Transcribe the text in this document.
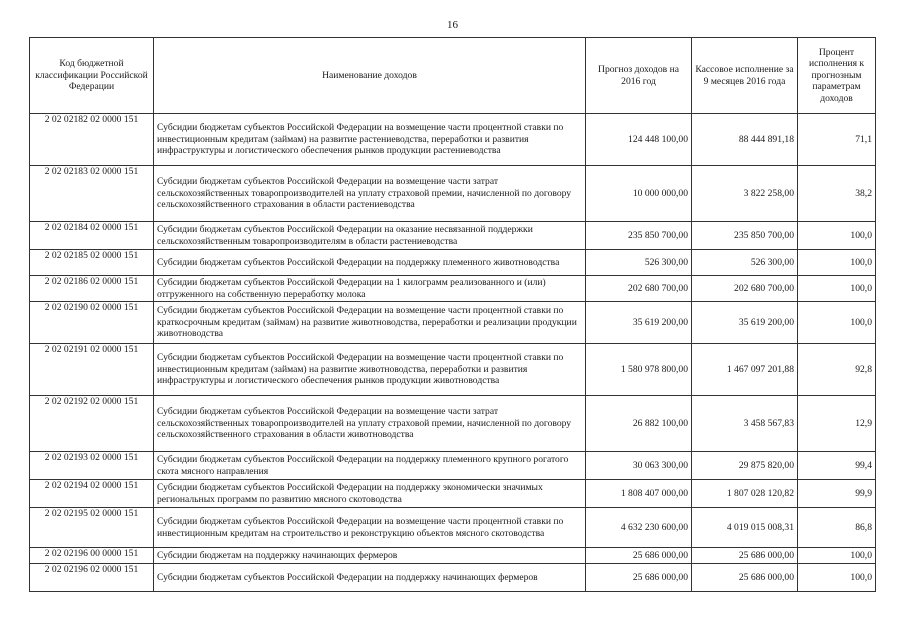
16
Код бюджетной классификации Российской Федерации	Наименование доходов	Прогноз доходов на 2016 год	Кассовое исполнение за 9 месяцев 2016 года	Процент исполнения к прогнозным параметрам доходов
2 02 02182 02 0000 151	Субсидии бюджетам субъектов Российской Федерации на возмещение части процентной ставки по инвестиционным кредитам (займам) на развитие растениеводства, переработки и развития инфраструктуры и логистического обеспечения рынков продукции растениеводства	124 448 100,00	88 444 891,18	71,1
2 02 02183 02 0000 151	Субсидии бюджетам субъектов Российской Федерации на возмещение части затрат сельскохозяйственных товаропроизводителей на уплату страховой премии, начисленной по договору сельскохозяйственного страхования в области растениеводства	10 000 000,00	3 822 258,00	38,2
2 02 02184 02 0000 151	Субсидии бюджетам субъектов Российской Федерации на оказание несвязанной поддержки сельскохозяйственным товаропроизводителям в области растениеводства	235 850 700,00	235 850 700,00	100,0
2 02 02185 02 0000 151	Субсидии бюджетам субъектов Российской Федерации на поддержку племенного животноводства	526 300,00	526 300,00	100,0
2 02 02186 02 0000 151	Субсидии бюджетам субъектов Российской Федерации на 1 килограмм реализованного и (или) отгруженного на собственную переработку молока	202 680 700,00	202 680 700,00	100,0
2 02 02190 02 0000 151	Субсидии бюджетам субъектов Российской Федерации на возмещение части процентной ставки по краткосрочным кредитам (займам) на развитие животноводства, переработки и реализации продукции животноводства	35 619 200,00	35 619 200,00	100,0
2 02 02191 02 0000 151	Субсидии бюджетам субъектов Российской Федерации на возмещение части процентной ставки по инвестиционным кредитам (займам) на развитие животноводства, переработки и развития инфраструктуры и логистического обеспечения рынков продукции животноводства	1 580 978 800,00	1 467 097 201,88	92,8
2 02 02192 02 0000 151	Субсидии бюджетам субъектов Российской Федерации на возмещение части затрат сельскохозяйственных товаропроизводителей на уплату страховой премии, начисленной по договору сельскохозяйственного страхования в области животноводства	26 882 100,00	3 458 567,83	12,9
2 02 02193 02 0000 151	Субсидии бюджетам субъектов Российской Федерации на поддержку племенного крупного рогатого скота мясного направления	30 063 300,00	29 875 820,00	99,4
2 02 02194 02 0000 151	Субсидии бюджетам субъектов Российской Федерации на поддержку экономически значимых региональных программ по развитию мясного скотоводства	1 808 407 000,00	1 807 028 120,82	99,9
2 02 02195 02 0000 151	Субсидии бюджетам субъектов Российской Федерации на возмещение части процентной ставки по инвестиционным кредитам на строительство и реконструкцию объектов мясного скотоводства	4 632 230 600,00	4 019 015 008,31	86,8
2 02 02196 00 0000 151	Субсидии бюджетам на поддержку начинающих фермеров	25 686 000,00	25 686 000,00	100,0
2 02 02196 02 0000 151	Субсидии бюджетам субъектов Российской Федерации на поддержку начинающих фермеров	25 686 000,00	25 686 000,00	100,0
